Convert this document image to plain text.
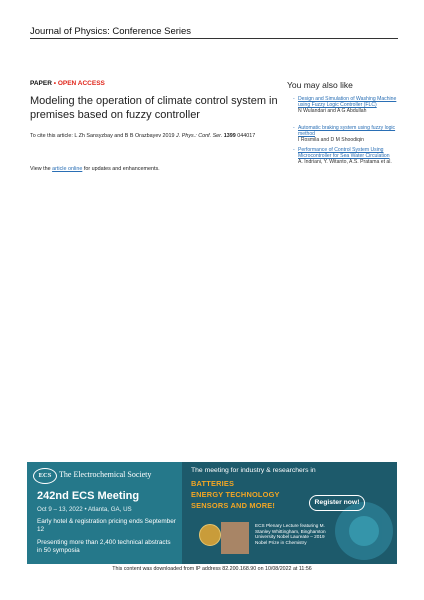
Journal of Physics: Conference Series
PAPER • OPEN ACCESS
Modeling the operation of climate control system in premises based on fuzzy controller
To cite this article: L Zh Sansyzbay and B B Orazbayev 2019 J. Phys.: Conf. Ser. 1399 044017
View the article online for updates and enhancements.
You may also like
- Design and Simulation of Washing Machine using Fuzzy Logic Controller (FLC)
N Wulandari and A G Abdullah
- Automatic braking system using fuzzy logic method
I Rosmila and D M Shoodiqin
- Performance of Control System Using Microcontroller for Sea Water Circulation
A. Indriani, Y. Witanto, A.S. Pratama et al.
ECS The Electrochemical Society
242nd ECS Meeting
Oct 9 – 13, 2022 • Atlanta, GA, US
Early hotel & registration pricing ends September 12
Presenting more than 2,400 technical abstracts in 50 symposia
The meeting for industry & researchers in
BATTERIES
ENERGY TECHNOLOGY
SENSORS AND MORE!	Register now!
ECS Plenary Lecture featuring M. Stanley Whittingham, Binghamton University Nobel Laureate – 2019 Nobel Prize in Chemistry
This content was downloaded from IP address 82.200.168.90 on 10/08/2022 at 11:56
